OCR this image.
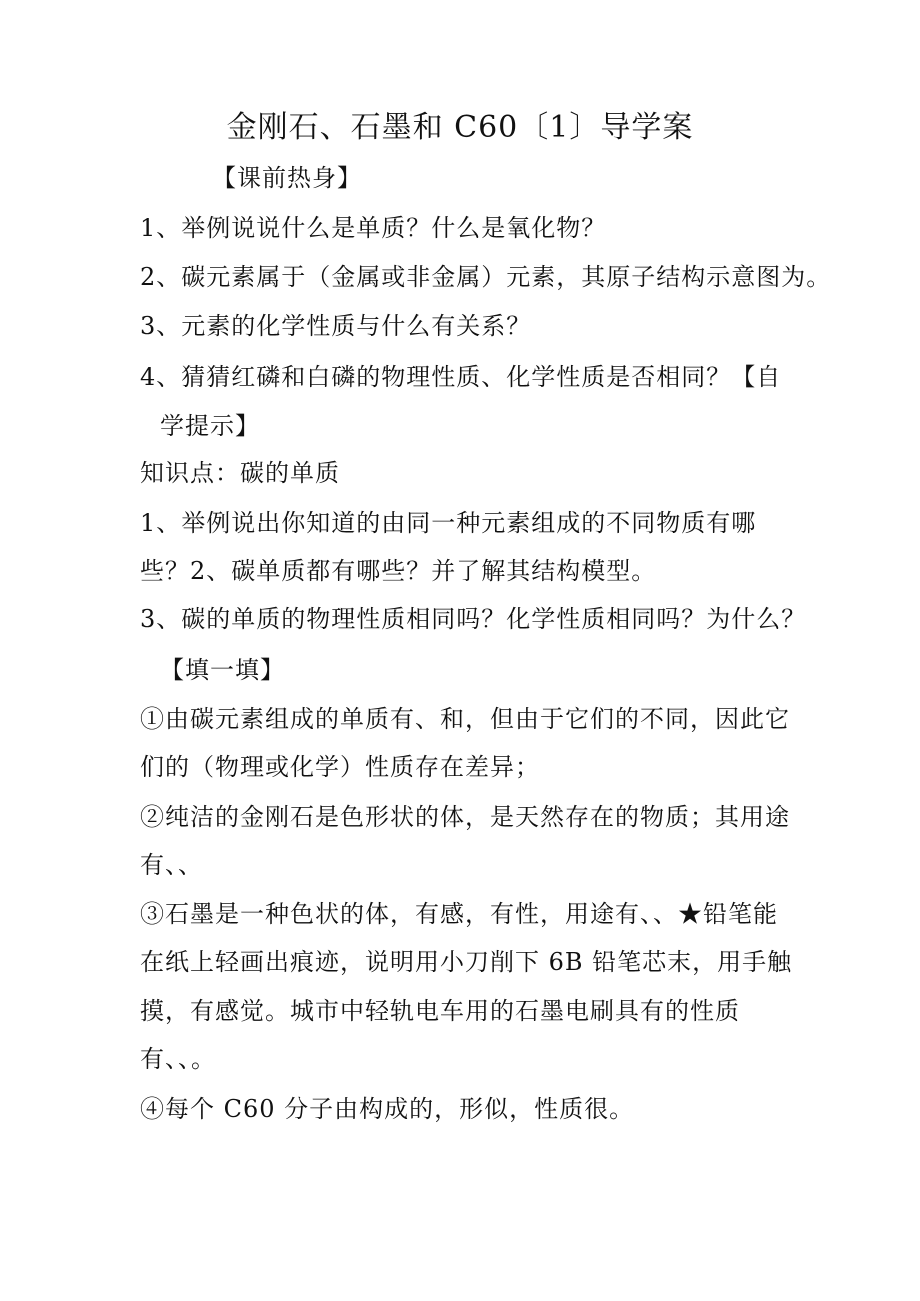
金刚石、石墨和 C60〔1〕导学案
【课前热身】
1、举例说说什么是单质？什么是氧化物？
2、碳元素属于（金属或非金属）元素，其原子结构示意图为。
3、元素的化学性质与什么有关系？
4、猜猜红磷和白磷的物理性质、化学性质是否相同？【自
学提示】
知识点：碳的单质
1、举例说出你知道的由同一种元素组成的不同物质有哪
些？2、碳单质都有哪些？并了解其结构模型。
3、碳的单质的物理性质相同吗？化学性质相同吗？为什么？
【填一填】
①由碳元素组成的单质有、和，但由于它们的不同，因此它
们的（物理或化学）性质存在差异；
②纯洁的金刚石是色形状的体，是天然存在的物质；其用途
有、、
③石墨是一种色状的体，有感，有性，用途有、、★铅笔能
在纸上轻画出痕迹，说明用小刀削下 6B 铅笔芯末，用手触
摸，有感觉。城市中轻轨电车用的石墨电刷具有的性质
有、、。
④每个 C60 分子由构成的，形似，性质很。
